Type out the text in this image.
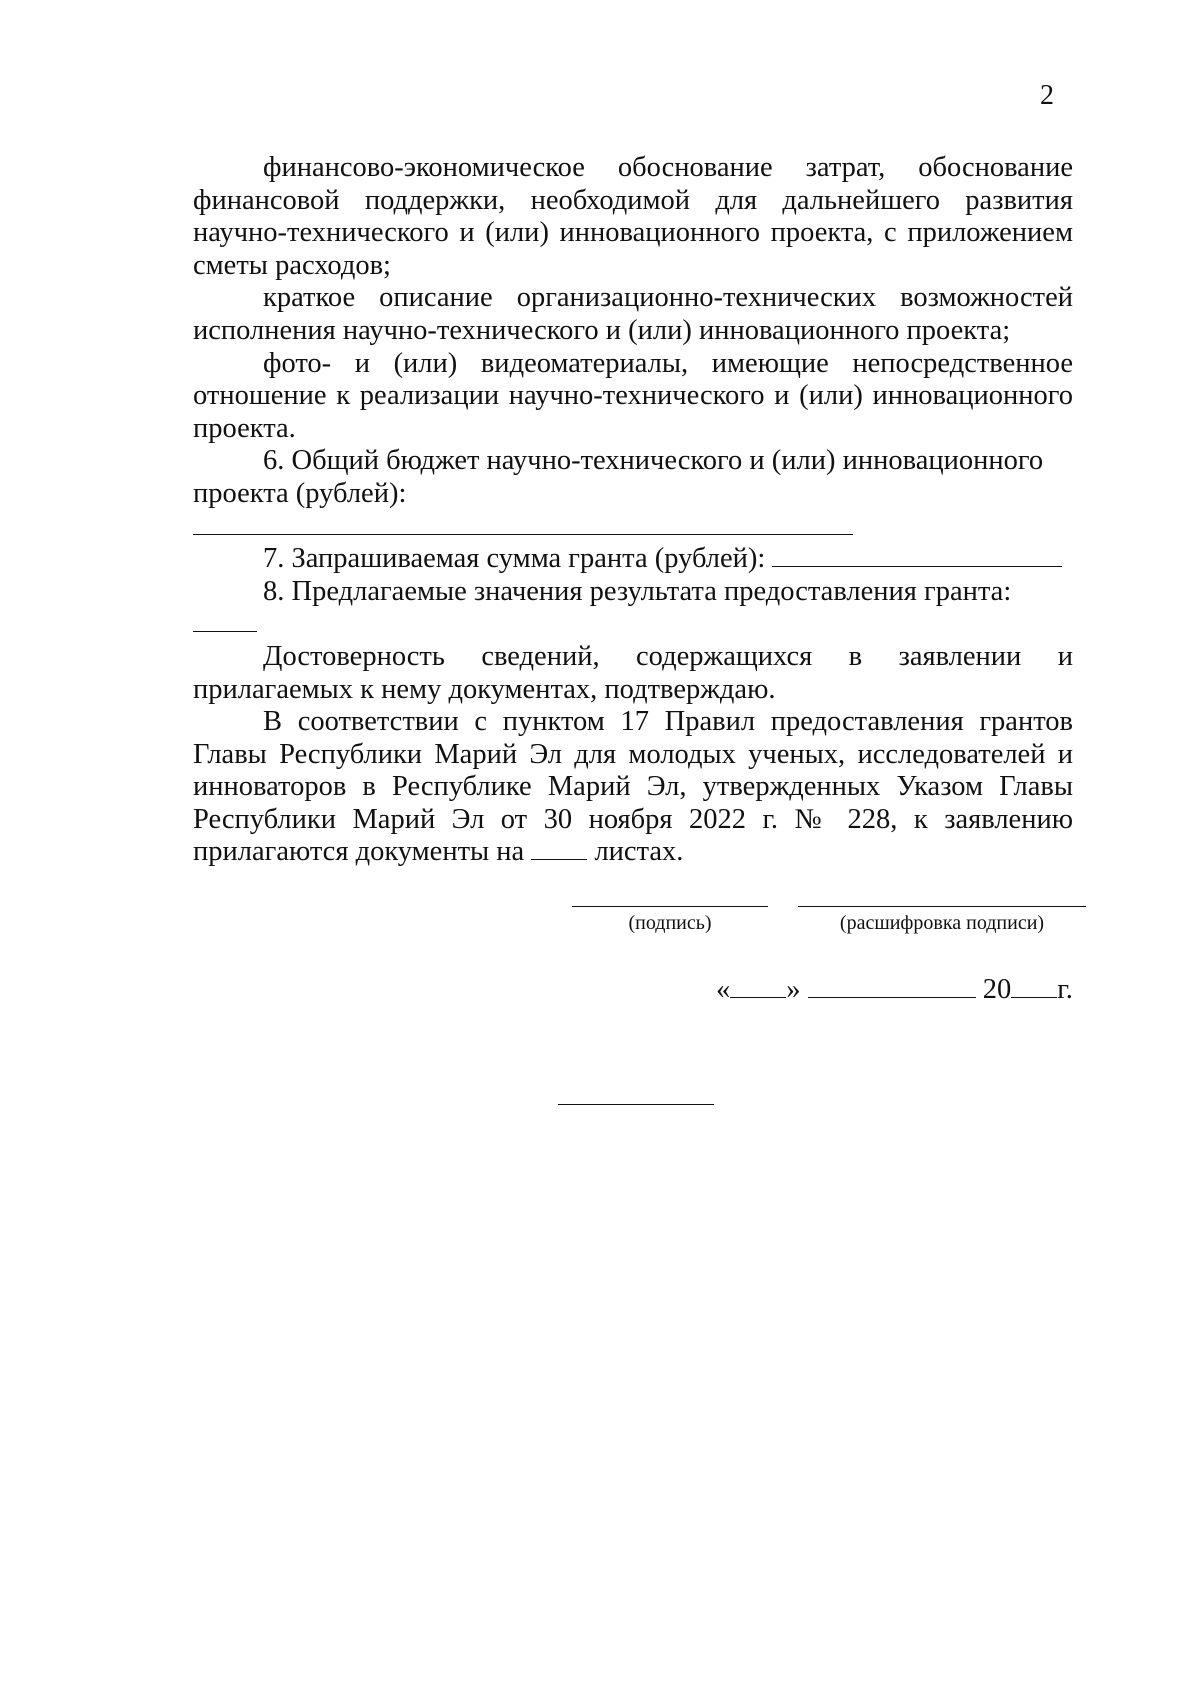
2

финансово-экономическое обоснование затрат, обоснование финансовой поддержки, необходимой для дальнейшего развития научно-технического и (или) инновационного проекта, с приложением сметы расходов;

краткое описание организационно-технических возможностей исполнения научно-технического и (или) инновационного проекта;

фото- и (или) видеоматериалы, имеющие непосредственное отношение к реализации научно-технического и (или) инновационного проекта.

6. Общий бюджет научно-технического и (или) инновационного проекта (рублей):

7. Запрашиваемая сумма гранта (рублей):

8. Предлагаемые значения результата предоставления гранта:

Достоверность сведений, содержащихся в заявлении и прилагаемых к нему документах, подтверждаю.

В соответствии с пунктом 17 Правил предоставления грантов Главы Республики Марий Эл для молодых ученых, исследователей и инноваторов в Республике Марий Эл, утвержденных Указом Главы Республики Марий Эл от 30 ноября 2022 г. № 228, к заявлению прилагаются документы на листах.

(подпись)	(расшифровка подписи)
« »	20 г.
